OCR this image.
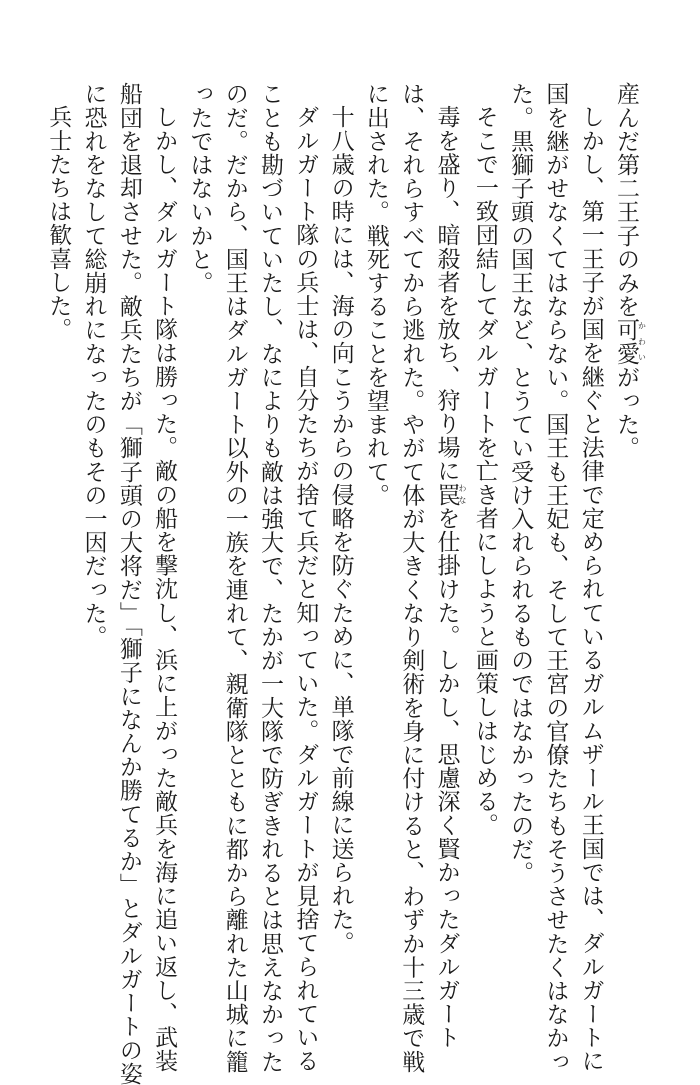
産んだ第二王子のみを可愛かわいがった。
しかし、第一王子が国を継ぐと法律で定められているガルムザール王国では、ダルガートに
国を継がせなくてはならない。国王も王妃も、そして王宮の官僚たちもそうさせたくはなかっ
た。黒獅子頭の国王など、とうてい受け入れられるものではなかったのだ。
そこで一致団結してダルガートを亡き者にしようと画策しはじめる。
毒を盛り、暗殺者を放ち、狩り場に罠わなを仕掛けた。しかし、思慮深く賢かったダルガート
は、それらすべてから逃れた。やがて体が大きくなり剣術を身に付けると、わずか十三歳で戦
に出された。戦死することを望まれて。
十八歳の時には、海の向こうからの侵略を防ぐために、単隊で前線に送られた。
ダルガート隊の兵士は、自分たちが捨て兵だと知っていた。ダルガートが見捨てられている
ことも勘づいていたし、なによりも敵は強大で、たかが一大隊で防ぎきれるとは思えなかった
のだ。だから、国王はダルガート以外の一族を連れて、親衛隊とともに都から離れた山城に籠
ったではないかと。
しかし、ダルガート隊は勝った。敵の船を撃沈し、浜に上がった敵兵を海に追い返し、武装
船団を退却させた。敵兵たちが「獅子頭の大将だ」「獅子になんか勝てるか」とダルガートの姿
に恐れをなして総崩れになったのもその一因だった。
兵士たちは歓喜した。
